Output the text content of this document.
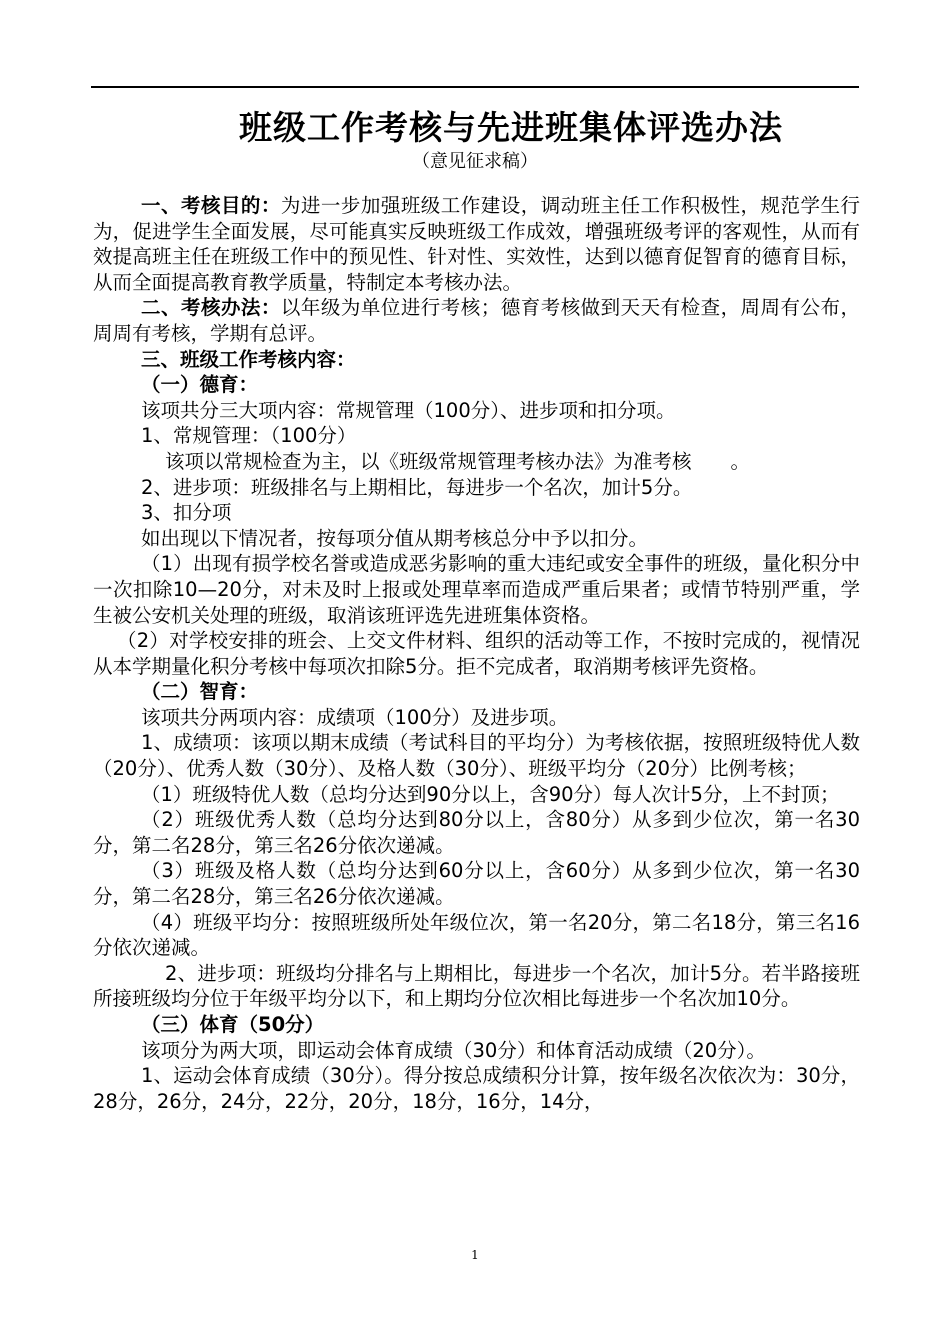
班级工作考核与先进班集体评选办法
（意见征求稿）

一、考核目的：为进一步加强班级工作建设，调动班主任工作积极性，规范学生行为，促进学生全面发展，尽可能真实反映班级工作成效，增强班级考评的客观性，从而有效提高班主任在班级工作中的预见性、针对性、实效性，达到以德育促智育的德育目标，从而全面提高教育教学质量，特制定本考核办法。

二、考核办法：以年级为单位进行考核；德育考核做到天天有检查，周周有公布，周周有考核，学期有总评。

三、班级工作考核内容：

（一）德育：

该项共分三大项内容：常规管理（100分）、进步项和扣分项。

1、常规管理：（100分）

该项以常规检查为主，以《班级常规管理考核办法》为准考核　　。

2、进步项：班级排名与上期相比，每进步一个名次，加计5分。

3、扣分项

如出现以下情况者，按每项分值从期考核总分中予以扣分。

（1）出现有损学校名誉或造成恶劣影响的重大违纪或安全事件的班级，量化积分中一次扣除10—20分，对未及时上报或处理草率而造成严重后果者；或情节特别严重，学生被公安机关处理的班级，取消该班评选先进班集体资格。

（2）对学校安排的班会、上交文件材料、组织的活动等工作，不按时完成的，视情况从本学期量化积分考核中每项次扣除5分。拒不完成者，取消期考核评先资格。

（二）智育：

该项共分两项内容：成绩项（100分）及进步项。

1、成绩项：该项以期末成绩（考试科目的平均分）为考核依据，按照班级特优人数（20分）、优秀人数（30分）、及格人数（30分）、班级平均分（20分）比例考核；

（1）班级特优人数（总均分达到90分以上，含90分）每人次计5分，上不封顶；

（2）班级优秀人数（总均分达到80分以上，含80分）从多到少位次，第一名30分，第二名28分，第三名26分依次递减。

（3）班级及格人数（总均分达到60分以上，含60分）从多到少位次，第一名30分，第二名28分，第三名26分依次递减。

（4）班级平均分：按照班级所处年级位次，第一名20分，第二名18分，第三名16分依次递减。

2、进步项：班级均分排名与上期相比，每进步一个名次，加计5分。若半路接班所接班级均分位于年级平均分以下，和上期均分位次相比每进步一个名次加10分。

（三）体育（50分）

该项分为两大项，即运动会体育成绩（30分）和体育活动成绩（20分）。

1、运动会体育成绩（30分）。得分按总成绩积分计算，按年级名次依次为：30分，28分，26分，24分，22分，20分，18分，16分，14分，

1
